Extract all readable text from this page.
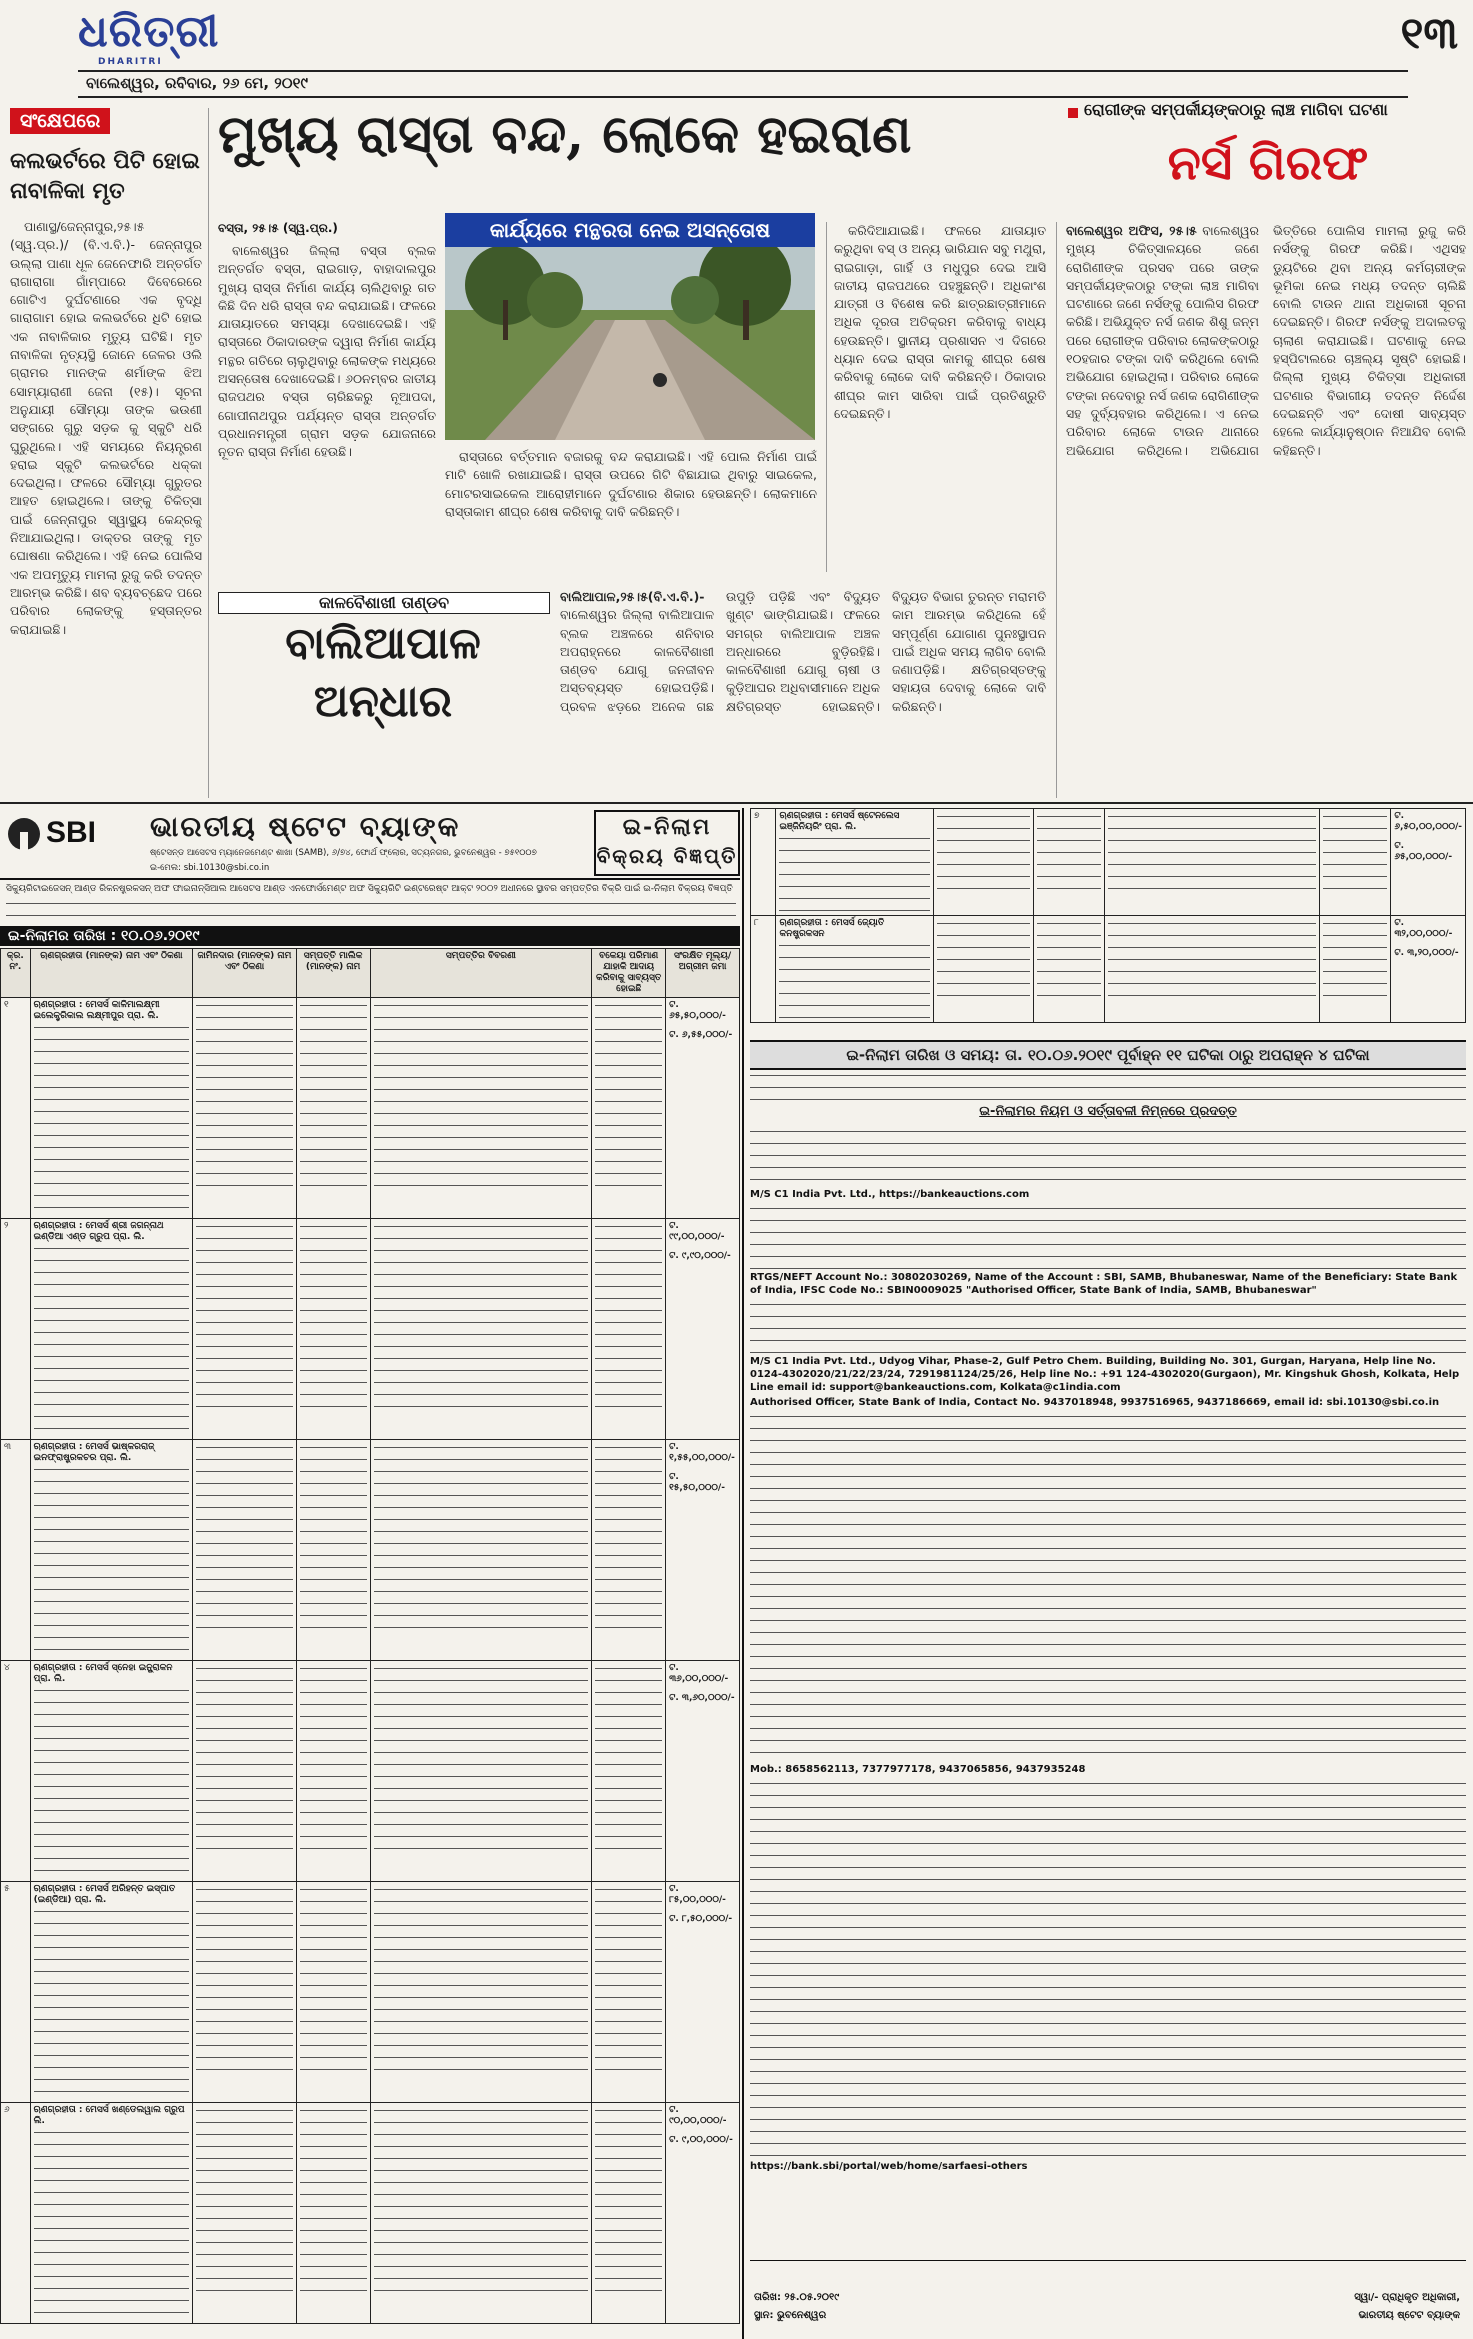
ଧରିତ୍ରୀ
DHARITRI
ବାଲେଶ୍ୱର, ରବିବାର, ୨୬ ମେ, ୨୦୧୯
୧୩
ସଂକ୍ଷେପରେ
କଲଭର୍ଟରେ ପିଟି ହୋଇ ନାବାଳିକା ମୃତ

ପାଣାସ୍ଥ/ଜେନ୍ନାପୁର,୨୫।୫ (ସ୍ୱ.ପ୍ର.)/ (ବି.ଏ.ବି.)- ଜେନ୍ନାପୁର ଉଲ୍ଲା ପାଣା ଧୂଳ ଜେନେଫାରି ଅନ୍ତର୍ଗତ ରାଗାରାଗା ଗାଁମ୍ପାରେ ଦିବେରେରେ ଗୋଟିଏ ଦୁର୍ଘଟଣାରେ ଏକ ବୃଦ୍ଧି ଗାରାଗାମ ହୋଇ କଲଭର୍ଟରେ ଧିଟି ହୋଇ ଏକ ନାବାଳିକାର ମୃତ୍ୟୁ ଘଟିଛି। ମୃତ ନାବାଳିକା ନୃତ୍ୟସ୍ଥି ଜୋନେ ଜେଳର ଓଲି ଗ୍ରାମର ମାନଙ୍କ ଶର୍ମାଙ୍କ ଝିଅ ସୋମ୍ୟାରାଣୀ ଜେନା (୧୫)। ସୂଚନା ଅନୁଯାୟୀ ସୌମ୍ୟା ତାଙ୍କ ଭଉଣୀ ସଙ୍ଗରେ ଗୁରୁ ସଡ଼କ କୁ ସ୍କୁଟି ଧରି ଘୁରୁଥିଲେ। ଏହି ସମୟରେ ନିୟନ୍ତ୍ରଣ ହରାଇ ସ୍କୁଟି କଲଭର୍ଟରେ ଧକ୍କା ଦେଇଥିଲା। ଫଳରେ ସୌମ୍ୟା ଗୁରୁତର ଆହତ ହୋଇଥିଲେ। ତାଙ୍କୁ ଚିକିତ୍ସା ପାଇଁ ଜେନ୍ନାପୁର ସ୍ୱାସ୍ଥ୍ୟ କେନ୍ଦ୍ରକୁ ନିଆଯାଇଥିଲା। ଡାକ୍ତର ତାଙ୍କୁ ମୃତ ଘୋଷଣା କରିଥିଲେ। ଏହି ନେଇ ପୋଲିସ ଏକ ଅପମୃତ୍ୟୁ ମାମଲା ରୁଜୁ କରି ତଦନ୍ତ ଆରମ୍ଭ କରିଛି। ଶବ ବ୍ୟବଚ୍ଛେଦ ପରେ ପରିବାର ଲୋକଙ୍କୁ ହସ୍ତାନ୍ତର କରାଯାଇଛି।

ମୁଖ୍ୟ ରାସ୍ତା ବନ୍ଦ, ଲୋକେ ହଇରାଣ
ବସ୍ତା, ୨୫।୫ (ସ୍ୱ.ପ୍ର.)

ବାଲେଶ୍ୱର ଜିଲ୍ଲା ବସ୍ତା ବ୍ଲକ ଅନ୍ତର୍ଗତ ବସ୍ତା, ରାଇଗାଡ଼, ବାହାଦାଲପୁର ମୁଖ୍ୟ ରାସ୍ତା ନିର୍ମାଣ କାର୍ଯ୍ୟ ଚାଲିଥିବାରୁ ଗତ କିଛି ଦିନ ଧରି ରାସ୍ତା ବନ୍ଦ କରାଯାଇଛି। ଫଳରେ ଯାତାୟାତରେ ସମସ୍ୟା ଦେଖାଦେଇଛି। ଏହି ରାସ୍ତାରେ ଠିକାଦାରଙ୍କ ଦ୍ୱାରା ନିର୍ମାଣ କାର୍ଯ୍ୟ ମନ୍ଥର ଗତିରେ ଚାଲୁଥିବାରୁ ଲୋକଙ୍କ ମଧ୍ୟରେ ଅସନ୍ତୋଷ ଦେଖାଦେଇଛି। ୬୦ନମ୍ବର ଜାତୀୟ ରାଜପଥର ବସ୍ତା ଚାରିଛକରୁ ନୂଆପଦା, ଗୋପୀନାଥପୁର ପର୍ଯ୍ୟନ୍ତ ରାସ୍ତା ଅନ୍ତର୍ଗତ ପ୍ରଧାନମନ୍ତ୍ରୀ ଗ୍ରାମ ସଡ଼କ ଯୋଜନାରେ ନୂତନ ରାସ୍ତା ନିର୍ମାଣ ହେଉଛି।

କାର୍ଯ୍ୟରେ ମନ୍ଥରତା ନେଇ ଅସନ୍ତୋଷ

ରାସ୍ତାରେ ବର୍ତ୍ତମାନ ବଜାରକୁ ବନ୍ଦ କରାଯାଇଛି। ଏହି ପୋଲ ନିର୍ମାଣ ପାଇଁ ମାଟି ଖୋଳି ରଖାଯାଇଛି। ରାସ୍ତା ଉପରେ ଗିଟି ବିଛାଯାଇ ଥିବାରୁ ସାଇକେଲ, ମୋଟରସାଇକେଲ ଆରୋହୀମାନେ ଦୁର୍ଘଟଣାର ଶିକାର ହେଉଛନ୍ତି। ଲୋକମାନେ ରାସ୍ତାକାମ ଶୀଘ୍ର ଶେଷ କରିବାକୁ ଦାବି କରିଛନ୍ତି।

କରିଦିଆଯାଇଛି। ଫଳରେ ଯାତାୟାତ କରୁଥିବା ବସ୍ ଓ ଅନ୍ୟ ଭାରିଯାନ ସବୁ ମଥୁରା, ରାଇଗାଡ଼ା, ଗାର୍ହି ଓ ମଧୁପୁର ଦେଇ ଆସି ଜାତୀୟ ରାଜପଥରେ ପହଞ୍ଚୁଛନ୍ତି। ଅଧିକାଂଶ ଯାତ୍ରୀ ଓ ବିଶେଷ କରି ଛାତ୍ରଛାତ୍ରୀମାନେ ଅଧିକ ଦୂରତା ଅତିକ୍ରମ କରିବାକୁ ବାଧ୍ୟ ହେଉଛନ୍ତି। ସ୍ଥାନୀୟ ପ୍ରଶାସନ ଏ ଦିଗରେ ଧ୍ୟାନ ଦେଇ ରାସ୍ତା କାମକୁ ଶୀଘ୍ର ଶେଷ କରିବାକୁ ଲୋକେ ଦାବି କରିଛନ୍ତି। ଠିକାଦାର ଶୀଘ୍ର କାମ ସାରିବା ପାଇଁ ପ୍ରତିଶ୍ରୁତି ଦେଇଛନ୍ତି।

କାଳବୈଶାଖୀ ତାଣ୍ଡବ
ବାଲିଆପାଳ
ଅନ୍ଧାର

ବାଲିଆପାଳ,୨୫।୫(ବି.ଏ.ବି.)- ବାଲେଶ୍ୱର ଜିଲ୍ଲା ବାଲିଆପାଳ ବ୍ଲକ ଅଞ୍ଚଳରେ ଶନିବାର ଅପରାହ୍ନରେ କାଳବୈଶାଖୀ ତାଣ୍ଡବ ଯୋଗୁ ଜନଜୀବନ ଅସ୍ତବ୍ୟସ୍ତ ହୋଇପଡ଼ିଛି। ପ୍ରବଳ ଝଡ଼ରେ ଅନେକ ଗଛ ଉପୁଡ଼ି ପଡ଼ିଛି ଏବଂ ବିଦ୍ୟୁତ ଖୁଣ୍ଟ ଭାଙ୍ଗିଯାଇଛି। ଫଳରେ ସମଗ୍ର ବାଲିଆପାଳ ଅଞ୍ଚଳ ଅନ୍ଧାରରେ ବୁଡ଼ିରହିଛି। କାଳବୈଶାଖୀ ଯୋଗୁ ଚାଷୀ ଓ କୁଡ଼ିଆଘର ଅଧିବାସୀମାନେ ଅଧିକ କ୍ଷତିଗ୍ରସ୍ତ ହୋଇଛନ୍ତି। ବିଦ୍ୟୁତ ବିଭାଗ ତୁରନ୍ତ ମରାମତି କାମ ଆରମ୍ଭ କରିଥିଲେ ହେଁ ସମ୍ପୂର୍ଣ୍ଣ ଯୋଗାଣ ପୁନଃସ୍ଥାପନ ପାଇଁ ଅଧିକ ସମୟ ଲାଗିବ ବୋଲି ଜଣାପଡ଼ିଛି। କ୍ଷତିଗ୍ରସ୍ତଙ୍କୁ ସହାୟତା ଦେବାକୁ ଲୋକେ ଦାବି କରିଛନ୍ତି।

ରୋଗୀଙ୍କ ସମ୍ପର୍କୀୟଙ୍କଠାରୁ ଲାଞ୍ଚ ମାଗିବା ଘଟଣା
ନର୍ସ ଗିରଫ

ବାଲେଶ୍ୱର ଅଫିସ, ୨୫।୫ ବାଲେଶ୍ୱର ମୁଖ୍ୟ ଚିକିତ୍ସାଳୟରେ ଜଣେ ରୋଗିଣୀଙ୍କ ପ୍ରସବ ପରେ ତାଙ୍କ ସମ୍ପର୍କୀୟଙ୍କଠାରୁ ଟଙ୍କା ଲାଞ୍ଚ ମାଗିବା ଘଟଣାରେ ଜଣେ ନର୍ସଙ୍କୁ ପୋଲିସ ଗିରଫ କରିଛି। ଅଭିଯୁକ୍ତ ନର୍ସ ଜଣକ ଶିଶୁ ଜନ୍ମ ପରେ ରୋଗୀଙ୍କ ପରିବାର ଲୋକଙ୍କଠାରୁ ୧୦ହଜାର ଟଙ୍କା ଦାବି କରିଥିଲେ ବୋଲି ଅଭିଯୋଗ ହୋଇଥିଲା। ପରିବାର ଲୋକେ ଟଙ୍କା ନଦେବାରୁ ନର୍ସ ଜଣକ ରୋଗିଣୀଙ୍କ ସହ ଦୁର୍ବ୍ୟବହାର କରିଥିଲେ। ଏ ନେଇ ପରିବାର ଲୋକେ ଟାଉନ ଥାନାରେ ଅଭିଯୋଗ କରିଥିଲେ। ଅଭିଯୋଗ ଭିତ୍ତିରେ ପୋଲିସ ମାମଲା ରୁଜୁ କରି ନର୍ସଙ୍କୁ ଗିରଫ କରିଛି। ଏଥିସହ ଡ୍ୟୁଟିରେ ଥିବା ଅନ୍ୟ କର୍ମଚାରୀଙ୍କ ଭୂମିକା ନେଇ ମଧ୍ୟ ତଦନ୍ତ ଚାଲିଛି ବୋଲି ଟାଉନ ଥାନା ଅଧିକାରୀ ସୂଚନା ଦେଇଛନ୍ତି। ଗିରଫ ନର୍ସଙ୍କୁ ଅଦାଲତକୁ ଚାଲାଣ କରାଯାଇଛି। ଘଟଣାକୁ ନେଇ ହସ୍ପିଟାଲରେ ଚାଞ୍ଚଲ୍ୟ ସୃଷ୍ଟି ହୋଇଛି। ଜିଲ୍ଲା ମୁଖ୍ୟ ଚିକିତ୍ସା ଅଧିକାରୀ ଘଟଣାର ବିଭାଗୀୟ ତଦନ୍ତ ନିର୍ଦ୍ଦେଶ ଦେଇଛନ୍ତି ଏବଂ ଦୋଷୀ ସାବ୍ୟସ୍ତ ହେଲେ କାର୍ଯ୍ୟାନୁଷ୍ଠାନ ନିଆଯିବ ବୋଲି କହିଛନ୍ତି।

SBI ଭାରତୀୟ ଷ୍ଟେଟ ବ୍ୟାଙ୍କ
ଷ୍ଟେସନ୍ଡ ଆସେଟସ ମ୍ୟାନେଜମେଣ୍ଟ ଶାଖା (SAMB), ୬/୭୪, ଫୋର୍ଥ ଫ୍ଲୋର, ସତ୍ୟନଗର, ଭୁବନେଶ୍ୱର - ୭୫୧୦୦୭
ଇ-ମେଲ: sbi.10130@sbi.co.in
ଇ-ନିଲାମ
ବିକ୍ରୟ ବିଜ୍ଞପ୍ତି
ସିକ୍ୟୁରିଟାଇଜେସନ୍ ଆଣ୍ଡ ରିକନଷ୍ଟ୍ରକସନ୍ ଅଫ ଫାଇନାନ୍ସିଆଲ ଆସେଟସ ଆଣ୍ଡ ଏନଫୋର୍ସମେଣ୍ଟ ଅଫ ସିକ୍ୟୁରିଟି ଇଣ୍ଟରେଷ୍ଟ ଆକ୍ଟ ୨୦୦୨ ଅଧୀନରେ ସ୍ଥାବର ସମ୍ପତ୍ତିର ବିକ୍ରି ପାଇଁ ଇ-ନିଲାମ ବିକ୍ରୟ ବିଜ୍ଞପ୍ତି
ଇ-ନିଲାମର ତାରିଖ : ୧୦.୦୬.୨୦୧୯
କ୍ର. ନଂ.	ଋଣଗ୍ରହୀତା (ମାନଙ୍କ) ନାମ ଏବଂ ଠିକଣା	ଜାମିନଦାର (ମାନଙ୍କ) ନାମ ଏବଂ ଠିକଣା	ସମ୍ପତ୍ତି ମାଲିକ (ମାନଙ୍କ) ନାମ	ସମ୍ପତ୍ତିର ବିବରଣୀ	ବକେୟା ପରିମାଣ ଯାହାକି ଆଦାୟ କରିବାକୁ ସାବ୍ୟସ୍ତ ହୋଇଛି	ସଂରକ୍ଷିତ ମୂଲ୍ୟ/ଅଗ୍ରୀମ ଜମା
୧	ଋଣଗ୍ରହୀତା : ମେସର୍ସ କାଳିମାଲକ୍ଷ୍ମୀ ଇଲେକ୍ଟ୍ରିକାଲ ଲକ୍ଷ୍ମୀପୁର ପ୍ରା. ଲି.					ଟ. ୬୫,୫୦,୦୦୦/-
ଟ. ୬,୫୫,୦୦୦/-

୨	ଋଣଗ୍ରହୀତା : ମେସର୍ସ ଶ୍ରୀ ଜଗନ୍ନାଥ ଇଣ୍ଡିଆ ଏଣ୍ଡ ଗ୍ରୁପ ପ୍ରା. ଲି.					ଟ. ୯୯,୦୦,୦୦୦/-
ଟ. ୯,୯୦,୦୦୦/-

୩	ଋଣଗ୍ରହୀତା : ମେସର୍ସ ଭାଷ୍କରରାଜ୍ ଇନଫ୍ରାଷ୍ଟ୍ରକଚର ପ୍ରା. ଲି.					ଟ. ୧,୫୫,୦୦,୦୦୦/-
ଟ. ୧୫,୫୦,୦୦୦/-

୪	ଋଣଗ୍ରହୀତା : ମେସର୍ସ ସ୍ନେହା ଇନ୍ଫ୍ରାକନ ପ୍ରା. ଲି.					ଟ. ୩୬,୦୦,୦୦୦/-
ଟ. ୩,୬୦,୦୦୦/-

୫	ଋଣଗ୍ରହୀତା : ମେସର୍ସ ଅରିହନ୍ତ ଇସ୍ପାତ (ଇଣ୍ଡିଆ) ପ୍ରା. ଲି.					ଟ. ୮୫,୦୦,୦୦୦/-
ଟ. ୮,୫୦,୦୦୦/-

୬	ଋଣଗ୍ରହୀତା : ମେସର୍ସ ଖଣ୍ଡେଲୱାଲ ଗ୍ରୁପ ଲି.					ଟ. ୯୦,୦୦,୦୦୦/-
ଟ. ୯,୦୦,୦୦୦/-
୭	ଋଣଗ୍ରହୀତା : ମେସର୍ସ ଷ୍ଟେନଲେସ ଇଞ୍ଜିନିୟରିଂ ପ୍ରା. ଲି.					ଟ. ୬,୫୦,୦୦,୦୦୦/-
ଟ. ୬୫,୦୦,୦୦୦/-

୮	ଋଣଗ୍ରହୀତା : ମେସର୍ସ ଜ୍ୟୋତି କନଷ୍ଟ୍ରକସନ					ଟ. ୩୨,୦୦,୦୦୦/-
ଟ. ୩,୨୦,୦୦୦/-
ଇ-ନିଲାମ ତାରିଖ ଓ ସମୟ: ତା. ୧୦.୦୬.୨୦୧୯ ପୂର୍ବାହ୍ନ ୧୧ ଘଟିକା ଠାରୁ ଅପରାହ୍ନ ୪ ଘଟିକା
ଇ-ନିଲାମର ନିୟମ ଓ ସର୍ତ୍ତାବଳୀ ନିମ୍ନରେ ପ୍ରଦତ୍ତ
M/S C1 India Pvt. Ltd., https://bankeauctions.com
RTGS/NEFT Account No.: 30802030269, Name of the Account : SBI, SAMB, Bhubaneswar, Name of the Beneficiary: State Bank of India, IFSC Code No.: SBIN0009025 "Authorised Officer, State Bank of India, SAMB, Bhubaneswar"
M/S C1 India Pvt. Ltd., Udyog Vihar, Phase-2, Gulf Petro Chem. Building, Building No. 301, Gurgan, Haryana, Help line No. 0124-4302020/21/22/23/24, 7291981124/25/26, Help line No.: +91 124-4302020(Gurgaon), Mr. Kingshuk Ghosh, Kolkata, Help Line email id: support@bankeauctions.com, Kolkata@c1india.com
Authorised Officer, State Bank of India, Contact No. 9437018948, 9937516965, 9437186669, email id: sbi.10130@sbi.co.in
Mob.: 8658562113, 7377977178, 9437065856, 9437935248
https://bank.sbi/portal/web/home/sarfaesi-others
ତାରିଖ: ୨୫.୦୫.୨୦୧୯
ସ୍ଥାନ: ଭୁବନେଶ୍ୱର
ସ୍ୱା/- ପ୍ରାଧିକୃତ ଅଧିକାରୀ,
ଭାରତୀୟ ଷ୍ଟେଟ ବ୍ୟାଙ୍କ
